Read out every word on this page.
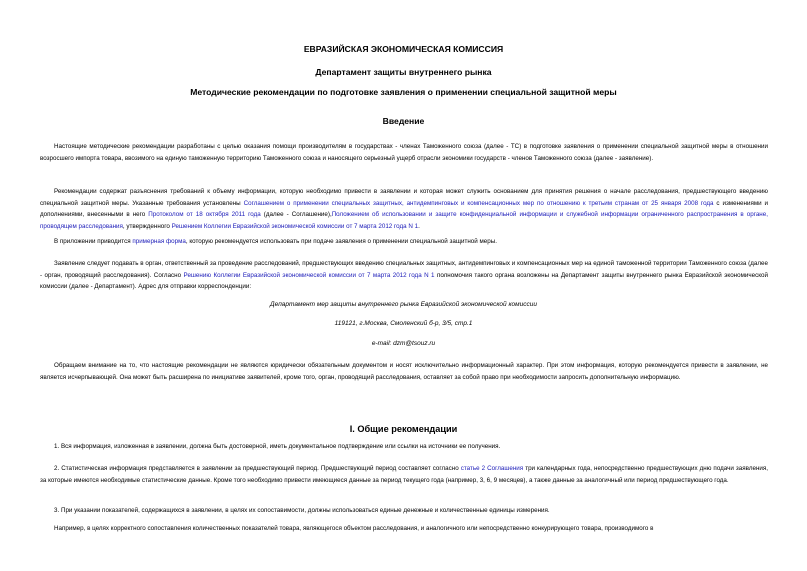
ЕВРАЗИЙСКАЯ ЭКОНОМИЧЕСКАЯ КОМИССИЯ
Департамент защиты внутреннего рынка
Методические рекомендации по подготовке заявления о применении специальной защитной меры
Введение
Настоящие методические рекомендации разработаны с целью оказания помощи производителям в государствах - членах Таможенного союза (далее - ТС) в подготовке заявления о применении специальной защитной меры в отношении возросшего импорта товара, ввозимого на единую таможенную территорию Таможенного союза и наносящего серьезный ущерб отрасли экономики государств - членов Таможенного союза (далее - заявление).
Рекомендации содержат разъяснения требований к объему информации, которую необходимо привести в заявлении и которая может служить основанием для принятия решения о начале расследования, предшествующего введению специальной защитной меры. Указанные требования установлены Соглашением о применении специальных защитных, антидемпинговых и компенсационных мер по отношению к третьим странам от 25 января 2008 года с изменениями и дополнениями, внесенными в него Протоколом от 18 октября 2011 года (далее - Соглашение),Положением об использовании и защите конфиденциальной информации и служебной информации ограниченного распространения в органе, проводящем расследования, утвержденного Решением Коллегии Евразийской экономической комиссии от 7 марта 2012 года N 1.
В приложении приводится примерная форма, которую рекомендуется использовать при подаче заявления о применении специальной защитной меры.
Заявление следует подавать в орган, ответственный за проведение расследований, предшествующих введению специальных защитных, антидемпинговых и компенсационных мер на единой таможенной территории Таможенного союза (далее - орган, проводящий расследования). Согласно Решению Коллегии Евразийской экономической комиссии от 7 марта 2012 года N 1 полномочия такого органа возложены на Департамент защиты внутреннего рынка Евразийской экономической комиссии (далее - Департамент). Адрес для отправки корреспонденции:
Департамент мер защиты внутреннего рынка Евразийской экономической комиссии
119121, г.Москва, Смоленский б-р, 3/5, стр.1
e-mail: dzm@tsouz.ru
Обращаем внимание на то, что настоящие рекомендации не являются юридически обязательным документом и носят исключительно информационный характер. При этом информация, которую рекомендуется привести в заявлении, не является исчерпывающей. Она может быть расширена по инициативе заявителей, кроме того, орган, проводящий расследования, оставляет за собой право при необходимости запросить дополнительную информацию.
I. Общие рекомендации
1. Вся информация, изложенная в заявлении, должна быть достоверной, иметь документальное подтверждение или ссылки на источники ее получения.
2. Статистическая информация представляется в заявлении за предшествующий период. Предшествующий период составляет согласно статье 2 Соглашения три календарных года, непосредственно предшествующих дню подачи заявления, за которые имеются необходимые статистические данные. Кроме того необходимо привести имеющиеся данные за период текущего года (например, 3, 6, 9 месяцев), а также данные за аналогичный или период предшествующего года.
3. При указании показателей, содержащихся в заявлении, в целях их сопоставимости, должны использоваться единые денежные и количественные единицы измерения.
Например, в целях корректного сопоставления количественных показателей товара, являющегося объектом расследования, и аналогичного или непосредственно конкурирующего товара, производимого в
